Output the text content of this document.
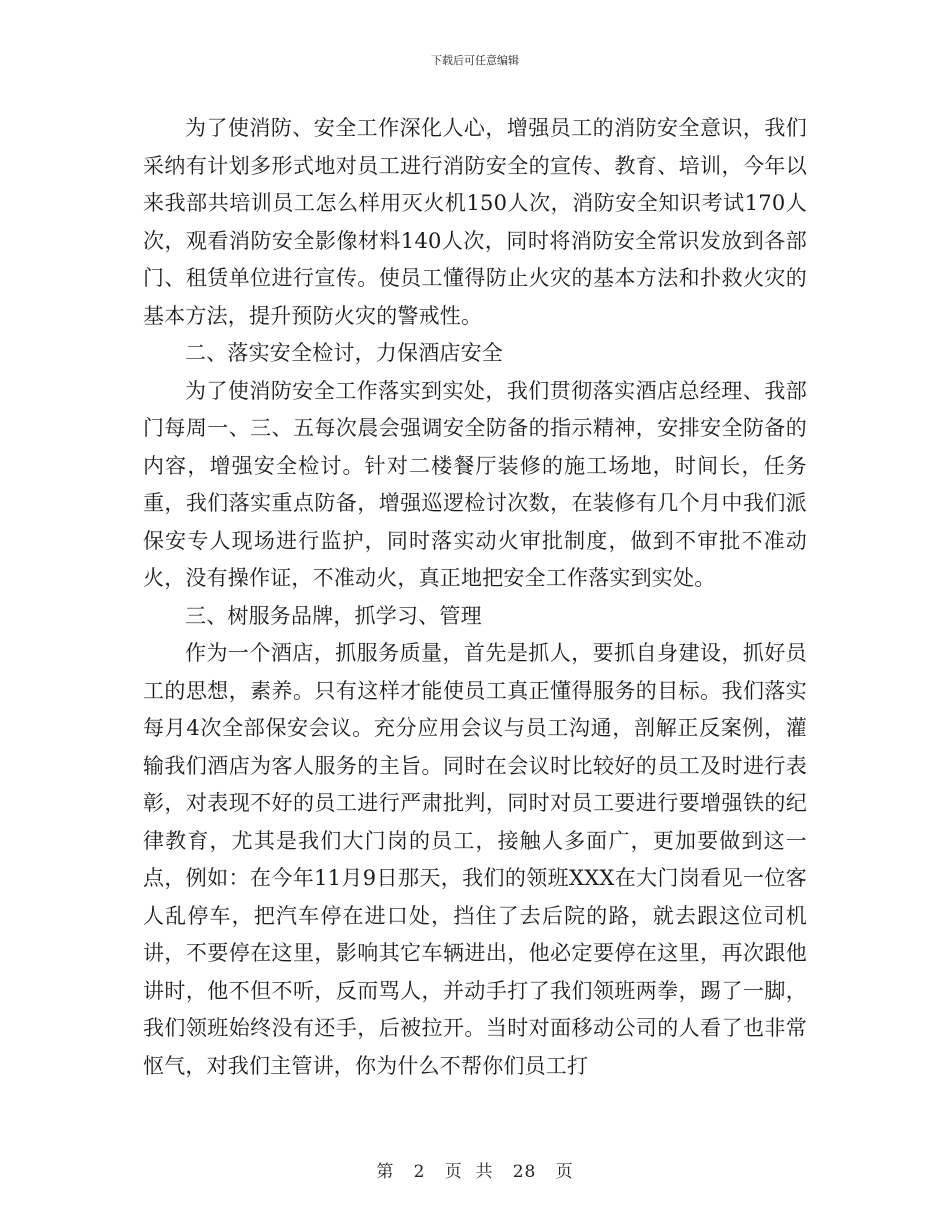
下载后可任意编辑

为了使消防、安全工作深化人心，增强员工的消防安全意识，我们采纳有计划多形式地对员工进行消防安全的宣传、教育、培训，今年以来我部共培训员工怎么样用灭火机150人次，消防安全知识考试170人次，观看消防安全影像材料140人次，同时将消防安全常识发放到各部门、租赁单位进行宣传。使员工懂得防止火灾的基本方法和扑救火灾的基本方法，提升预防火灾的警戒性。

二、落实安全检讨，力保酒店安全

为了使消防安全工作落实到实处，我们贯彻落实酒店总经理、我部门每周一、三、五每次晨会强调安全防备的指示精神，安排安全防备的内容，增强安全检讨。针对二楼餐厅装修的施工场地，时间长，任务重，我们落实重点防备，增强巡逻检讨次数，在装修有几个月中我们派保安专人现场进行监护，同时落实动火审批制度，做到不审批不准动火，没有操作证，不准动火，真正地把安全工作落实到实处。

三、树服务品牌，抓学习、管理

作为一个酒店，抓服务质量，首先是抓人，要抓自身建设，抓好员工的思想，素养。只有这样才能使员工真正懂得服务的目标。我们落实每月4次全部保安会议。充分应用会议与员工沟通，剖解正反案例，灌输我们酒店为客人服务的主旨。同时在会议时比较好的员工及时进行表彰，对表现不好的员工进行严肃批判，同时对员工要进行要增强铁的纪律教育，尤其是我们大门岗的员工，接触人多面广，更加要做到这一点，例如：在今年11月9日那天，我们的领班XXX在大门岗看见一位客人乱停车，把汽车停在进口处，挡住了去后院的路，就去跟这位司机讲，不要停在这里，影响其它车辆进出，他必定要停在这里，再次跟他讲时，他不但不听，反而骂人，并动手打了我们领班两拳，踢了一脚，我们领班始终没有还手，后被拉开。当时对面移动公司的人看了也非常怄气，对我们主管讲，你为什么不帮你们员工打

第 2 页  共 28 页
